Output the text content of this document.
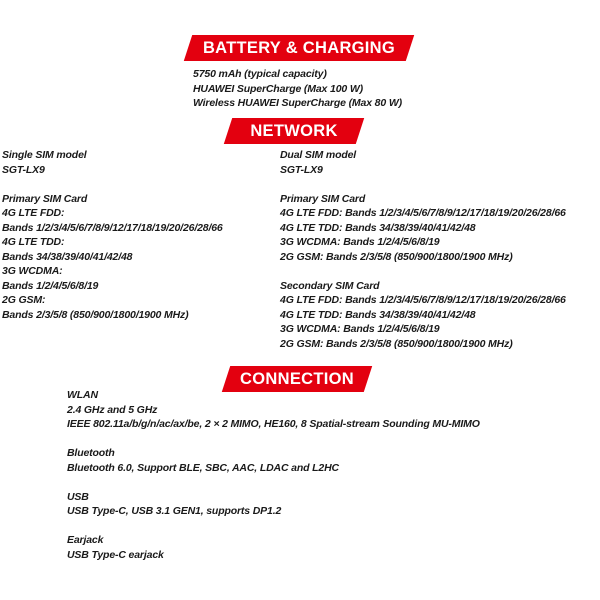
BATTERY & CHARGING
5750 mAh (typical capacity)
HUAWEI SuperCharge (Max 100 W)
Wireless HUAWEI SuperCharge (Max 80 W)
NETWORK
Single SIM model
SGT-LX9
Primary SIM Card
4G LTE FDD:
Bands 1/2/3/4/5/6/7/8/9/12/17/18/19/20/26/28/66
4G LTE TDD:
Bands 34/38/39/40/41/42/48
3G WCDMA:
Bands 1/2/4/5/6/8/19
2G GSM:
Bands 2/3/5/8 (850/900/1800/1900 MHz)
Dual SIM model
SGT-LX9
Primary SIM Card
4G LTE FDD: Bands 1/2/3/4/5/6/7/8/9/12/17/18/19/20/26/28/66
4G LTE TDD: Bands 34/38/39/40/41/42/48
3G WCDMA: Bands 1/2/4/5/6/8/19
2G GSM: Bands 2/3/5/8 (850/900/1800/1900 MHz)
Secondary SIM Card
4G LTE FDD: Bands 1/2/3/4/5/6/7/8/9/12/17/18/19/20/26/28/66
4G LTE TDD: Bands 34/38/39/40/41/42/48
3G WCDMA: Bands 1/2/4/5/6/8/19
2G GSM: Bands 2/3/5/8 (850/900/1800/1900 MHz)
CONNECTION
WLAN
2.4 GHz and 5 GHz
IEEE 802.11a/b/g/n/ac/ax/be, 2 × 2 MIMO, HE160, 8 Spatial-stream Sounding MU-MIMO
Bluetooth
Bluetooth 6.0, Support BLE, SBC, AAC, LDAC and L2HC
USB
USB Type-C, USB 3.1 GEN1, supports DP1.2
Earjack
USB Type-C earjack
